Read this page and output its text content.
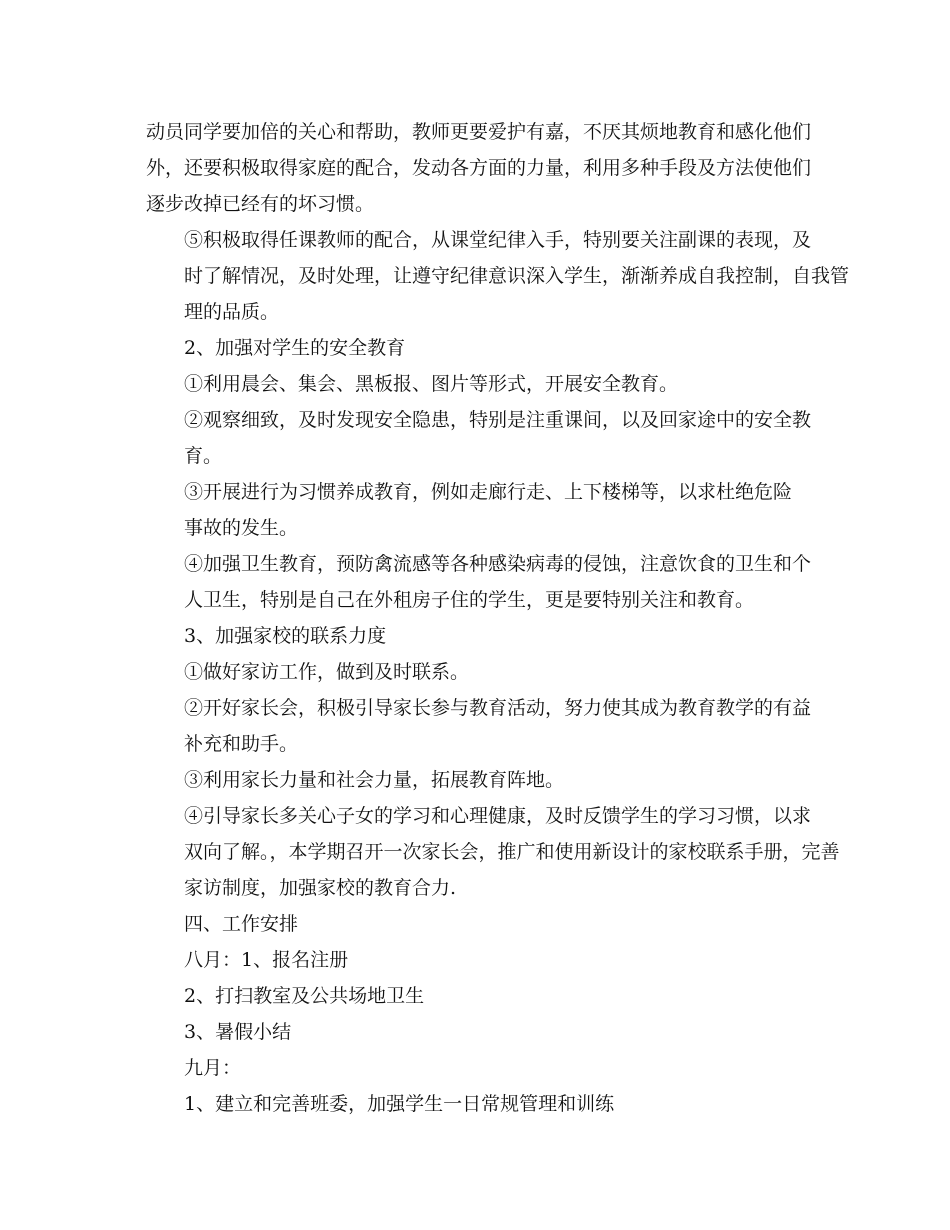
动员同学要加倍的关心和帮助，教师更要爱护有嘉，不厌其烦地教育和感化他们
外，还要积极取得家庭的配合，发动各方面的力量，利用多种手段及方法使他们
逐步改掉已经有的坏习惯。

⑤积极取得任课教师的配合，从课堂纪律入手，特别要关注副课的表现，及
时了解情况，及时处理，让遵守纪律意识深入学生，渐渐养成自我控制，自我管
理的品质。

2、加强对学生的安全教育

①利用晨会、集会、黑板报、图片等形式，开展安全教育。

②观察细致，及时发现安全隐患，特别是注重课间，以及回家途中的安全教
育。

③开展进行为习惯养成教育，例如走廊行走、上下楼梯等，以求杜绝危险
事故的发生。

④加强卫生教育，预防禽流感等各种感染病毒的侵蚀，注意饮食的卫生和个
人卫生，特别是自己在外租房子住的学生，更是要特别关注和教育。

3、加强家校的联系力度

①做好家访工作，做到及时联系。

②开好家长会，积极引导家长参与教育活动，努力使其成为教育教学的有益
补充和助手。

③利用家长力量和社会力量，拓展教育阵地。

④引导家长多关心子女的学习和心理健康，及时反馈学生的学习习惯，以求
双向了解。，本学期召开一次家长会，推广和使用新设计的家校联系手册，完善
家访制度，加强家校的教育合力.

四、工作安排

八月：1、报名注册

2、打扫教室及公共场地卫生

3、暑假小结

九月：

1、建立和完善班委，加强学生一日常规管理和训练
